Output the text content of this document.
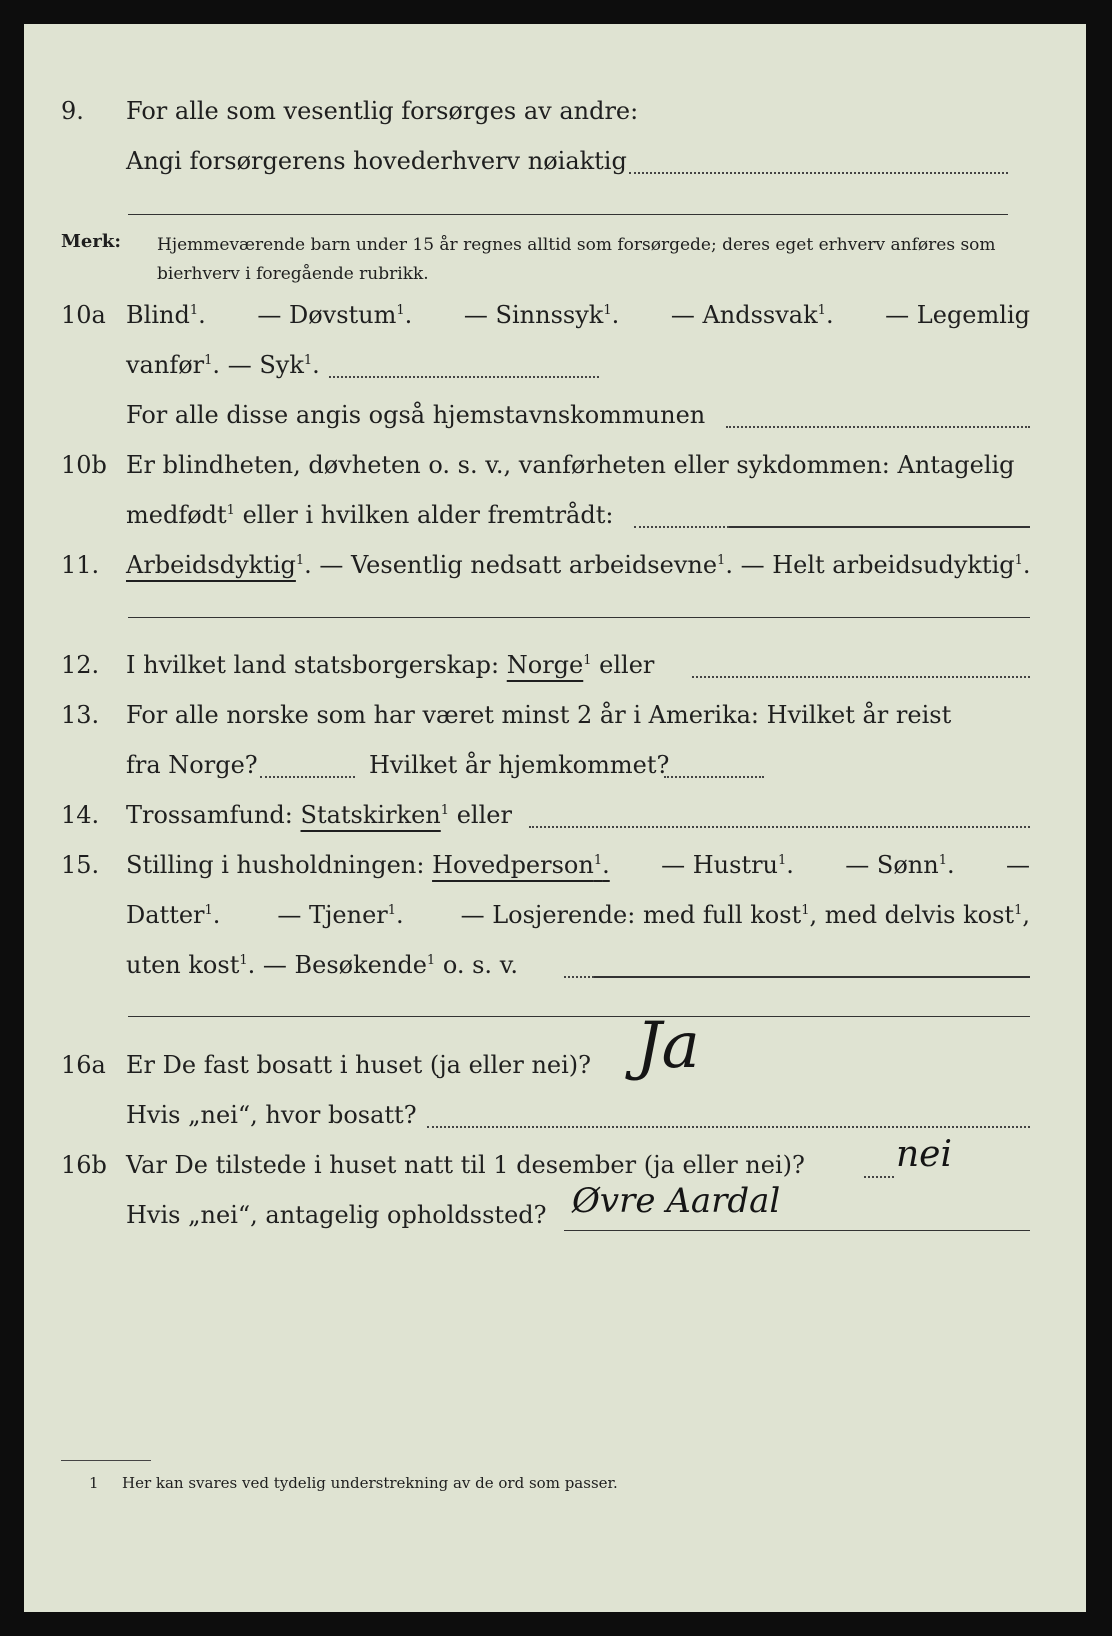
9. For alle som vesentlig forsørges av andre:
Angi forsørgerens hovederhverv nøiaktig
Merk: Hjemmeværende barn under 15 år regnes alltid som forsørgede; deres eget erhverv anføres som bierhverv i foregående rubrikk.
10a Blind$^1$. — Døvstum$^1$. — Sinnssyk$^1$. — Andssvak$^1$. — Legemlig
vanfør$^1$. — Syk$^1$.
For alle disse angis også hjemstavnskommunen
10b Er blindheten, døvheten o. s. v., vanførheten eller sykdommen: Antagelig
medfødt$^1$ eller i hvilken alder fremtrådt:
11. Arbeidsdyktig$^1$. — Vesentlig nedsatt arbeidsevne$^1$. — Helt arbeidsudyktig$^1$.
12. I hvilket land statsborgerskap: Norge$^1$ eller
13. For alle norske som har været minst 2 år i Amerika: Hvilket år reist
fra Norge?	Hvilket år hjemkommet?
14. Trossamfund: Statskirken$^1$ eller
15. Stilling i husholdningen: Hovedperson$^1$. — Hustru$^1$. — Sønn$^1$. —
Datter$^1$. — Tjener$^1$. — Losjerende: med full kost$^1$, med delvis kost$^1$,
uten kost$^1$. — Besøkende$^1$ o. s. v.
16a Er De fast bosatt i huset (ja eller nei)? Ja
Hvis „nei“, hvor bosatt?
16b Var De tilstede i huset natt til 1 desember (ja eller nei)?	nei
Hvis „nei“, antagelig opholdssted? Øvre Aardal
1 Her kan svares ved tydelig understrekning av de ord som passer.
